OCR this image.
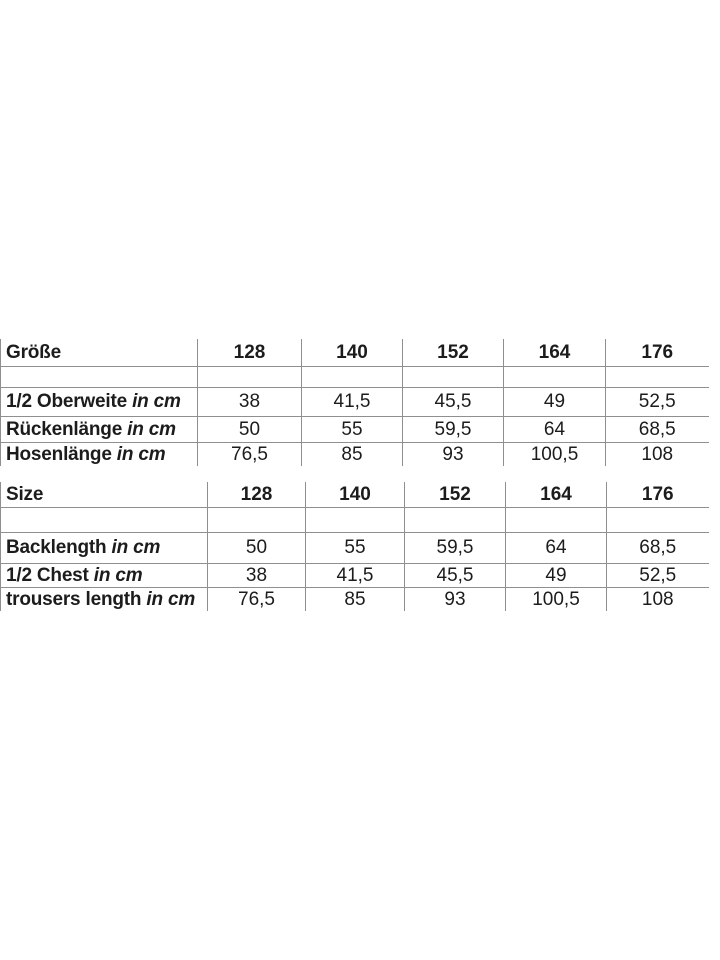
Größe	128	140	152	164	176

1/2 Oberweite in cm	38	41,5	45,5	49	52,5
Rückenlänge in cm	50	55	59,5	64	68,5
Hosenlänge in cm	76,5	85	93	100,5	108
Size	128	140	152	164	176

Backlength in cm	50	55	59,5	64	68,5
1/2 Chest in cm	38	41,5	45,5	49	52,5
trousers length in cm	76,5	85	93	100,5	108
